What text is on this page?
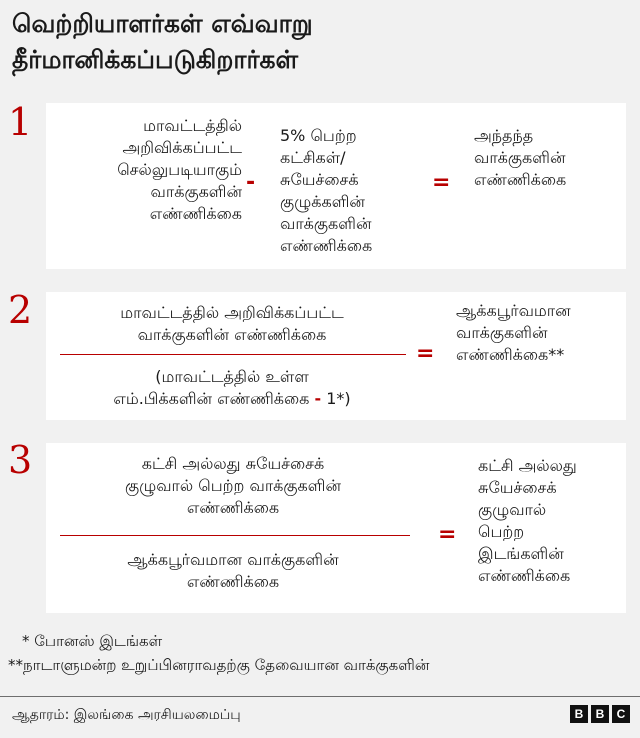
வெற்றியாளர்கள் எவ்வாறு
தீர்மானிக்கப்படுகிறார்கள்
1	மாவட்டத்தில்
அறிவிக்கப்பட்ட
செல்லுபடியாகும்
வாக்குகளின்
எண்ணிக்கை
-
5% பெற்ற
கட்சிகள்/
சுயேச்சைக்
குழுக்களின்
வாக்குகளின்
எண்ணிக்கை
=
அந்தந்த
வாக்குகளின்
எண்ணிக்கை
2	மாவட்டத்தில் அறிவிக்கப்பட்ட
வாக்குகளின் எண்ணிக்கை
(மாவட்டத்தில் உள்ள
எம்.பிக்களின் எண்ணிக்கை - 1*)
=
ஆக்கபூர்வமான
வாக்குகளின்
எண்ணிக்கை**
3	கட்சி அல்லது சுயேச்சைக்
குழுவால் பெற்ற வாக்குகளின்
எண்ணிக்கை
ஆக்கபூர்வமான வாக்குகளின்
எண்ணிக்கை
=
கட்சி அல்லது
சுயேச்சைக்
குழுவால்
பெற்ற
இடங்களின்
எண்ணிக்கை
* போனஸ் இடங்கள்
**நாடாளுமன்ற உறுப்பினராவதற்கு தேவையான வாக்குகளின்
ஆதாரம்: இலங்கை அரசியலமைப்பு	B	B	C
